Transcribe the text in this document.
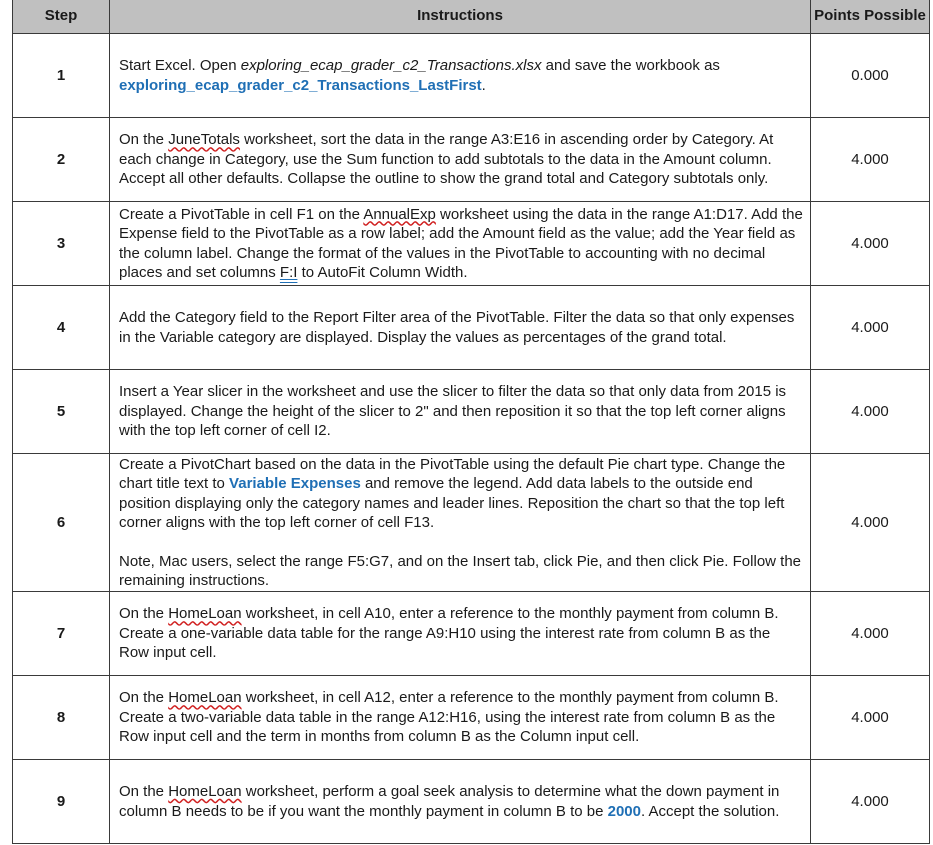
Step	Instructions	Points Possible
1	Start Excel. Open exploring_ecap_grader_c2_Transactions.xlsx and save the workbook as exploring_ecap_grader_c2_Transactions_LastFirst.	0.000
2	On the JuneTotals worksheet, sort the data in the range A3:E16 in ascending order by Category. At each change in Category, use the Sum function to add subtotals to the data in the Amount column. Accept all other defaults. Collapse the outline to show the grand total and Category subtotals only.	4.000
3	Create a PivotTable in cell F1 on the AnnualExp worksheet using the data in the range A1:D17. Add the Expense field to the PivotTable as a row label; add the Amount field as the value; add the Year field as the column label. Change the format of the values in the PivotTable to accounting with no decimal places and set columns F:I to AutoFit Column Width.	4.000
4	Add the Category field to the Report Filter area of the PivotTable. Filter the data so that only expenses in the Variable category are displayed. Display the values as percentages of the grand total.	4.000
5	Insert a Year slicer in the worksheet and use the slicer to filter the data so that only data from 2015 is displayed. Change the height of the slicer to 2" and then reposition it so that the top left corner aligns with the top left corner of cell I2.	4.000
6	Create a PivotChart based on the data in the PivotTable using the default Pie chart type. Change the chart title text to Variable Expenses and remove the legend. Add data labels to the outside end position displaying only the category names and leader lines. Reposition the chart so that the top left corner aligns with the top left corner of cell F13.
Note, Mac users, select the range F5:G7, and on the Insert tab, click Pie, and then click Pie. Follow the remaining instructions.	4.000
7	On the HomeLoan worksheet, in cell A10, enter a reference to the monthly payment from column B. Create a one-variable data table for the range A9:H10 using the interest rate from column B as the Row input cell.	4.000
8	On the HomeLoan worksheet, in cell A12, enter a reference to the monthly payment from column B. Create a two-variable data table in the range A12:H16, using the interest rate from column B as the Row input cell and the term in months from column B as the Column input cell.	4.000
9	On the HomeLoan worksheet, perform a goal seek analysis to determine what the down payment in column B needs to be if you want the monthly payment in column B to be 2000. Accept the solution.	4.000
